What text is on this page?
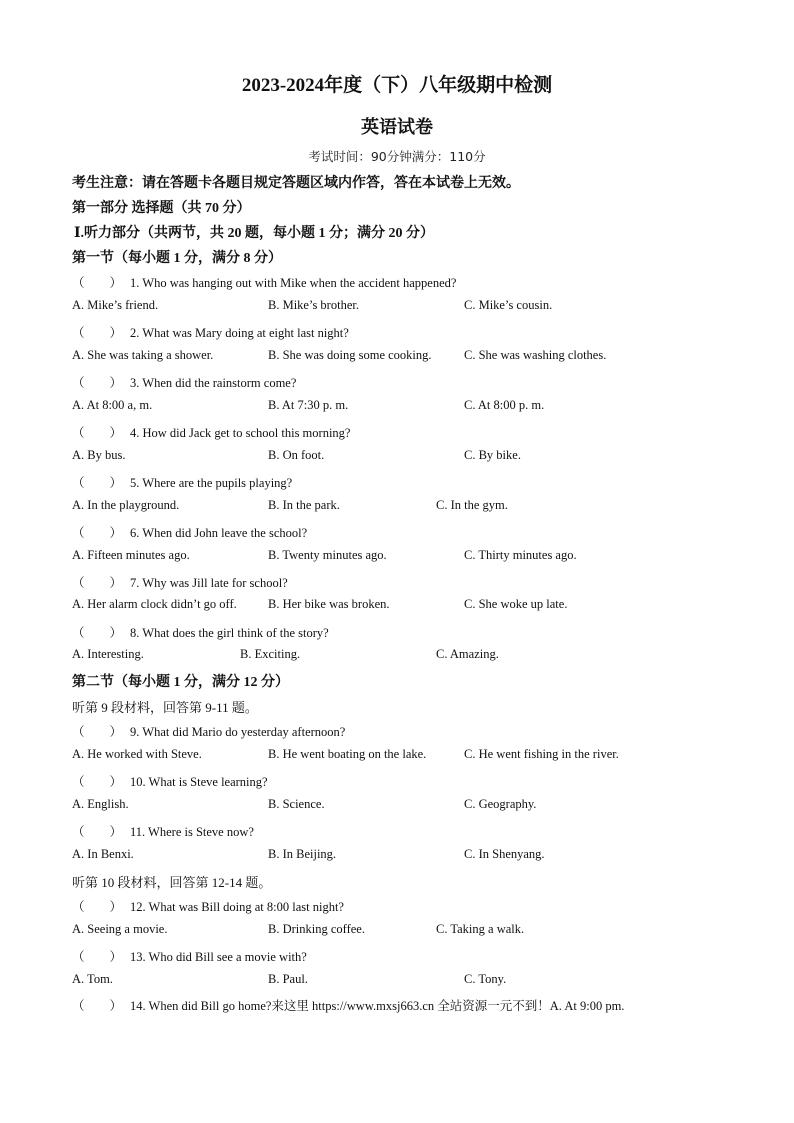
2023-2024年度（下）八年级期中检测
英语试卷
考试时间：90分钟满分：110分
考生注意：请在答题卡各题目规定答题区域内作答，答在本试卷上无效。
第一部分 选择题（共 70 分）
Ⅰ.听力部分（共两节，共 20 题，每小题 1 分；满分 20 分）
第一节（每小题 1 分，满分 8 分）
（　　） 1. Who was hanging out with Mike when the accident happened?
A. Mike’s friend.	B. Mike’s brother.	C. Mike’s cousin.
（　　） 2. What was Mary doing at eight last night?
A. She was taking a shower.	B. She was doing some cooking.	C. She was washing clothes.
（　　） 3. When did the rainstorm come?
A. At 8:00 a, m.	B. At 7:30 p. m.	C. At 8:00 p. m.
（　　） 4. How did Jack get to school this morning?
A. By bus.	B. On foot.	C. By bike.
（　　） 5. Where are the pupils playing?
A. In the playground.	B. In the park.	C. In the gym.
（　　） 6. When did John leave the school?
A. Fifteen minutes ago.	B. Twenty minutes ago.	C. Thirty minutes ago.
（　　） 7. Why was Jill late for school?
A. Her alarm clock didn’t go off. B. Her bike was broken.	C. She woke up late.
（　　） 8. What does the girl think of the story?
A. Interesting.	B. Exciting.	C. Amazing.
第二节（每小题 1 分，满分 12 分）
听第 9 段材料，回答第 9-11 题。
（　　） 9. What did Mario do yesterday afternoon?
A. He worked with Steve.	B. He went boating on the lake.	C. He went fishing in the river.
（　　） 10. What is Steve learning?
A. English.	B. Science.	C. Geography.
（　　） 11. Where is Steve now?
A. In Benxi.	B. In Beijing.	C. In Shenyang.
听第 10 段材料，回答第 12-14 题。
（　　） 12. What was Bill doing at 8:00 last night?
A. Seeing a movie.	B. Drinking coffee.	C. Taking a walk.
（　　） 13. Who did Bill see a movie with?
A. Tom.	B. Paul.	C. Tony.
（　　） 14. When did Bill go home?来这里 https://www.mxsj663.cn 全站资源一元不到！A. At 9:00 pm.
